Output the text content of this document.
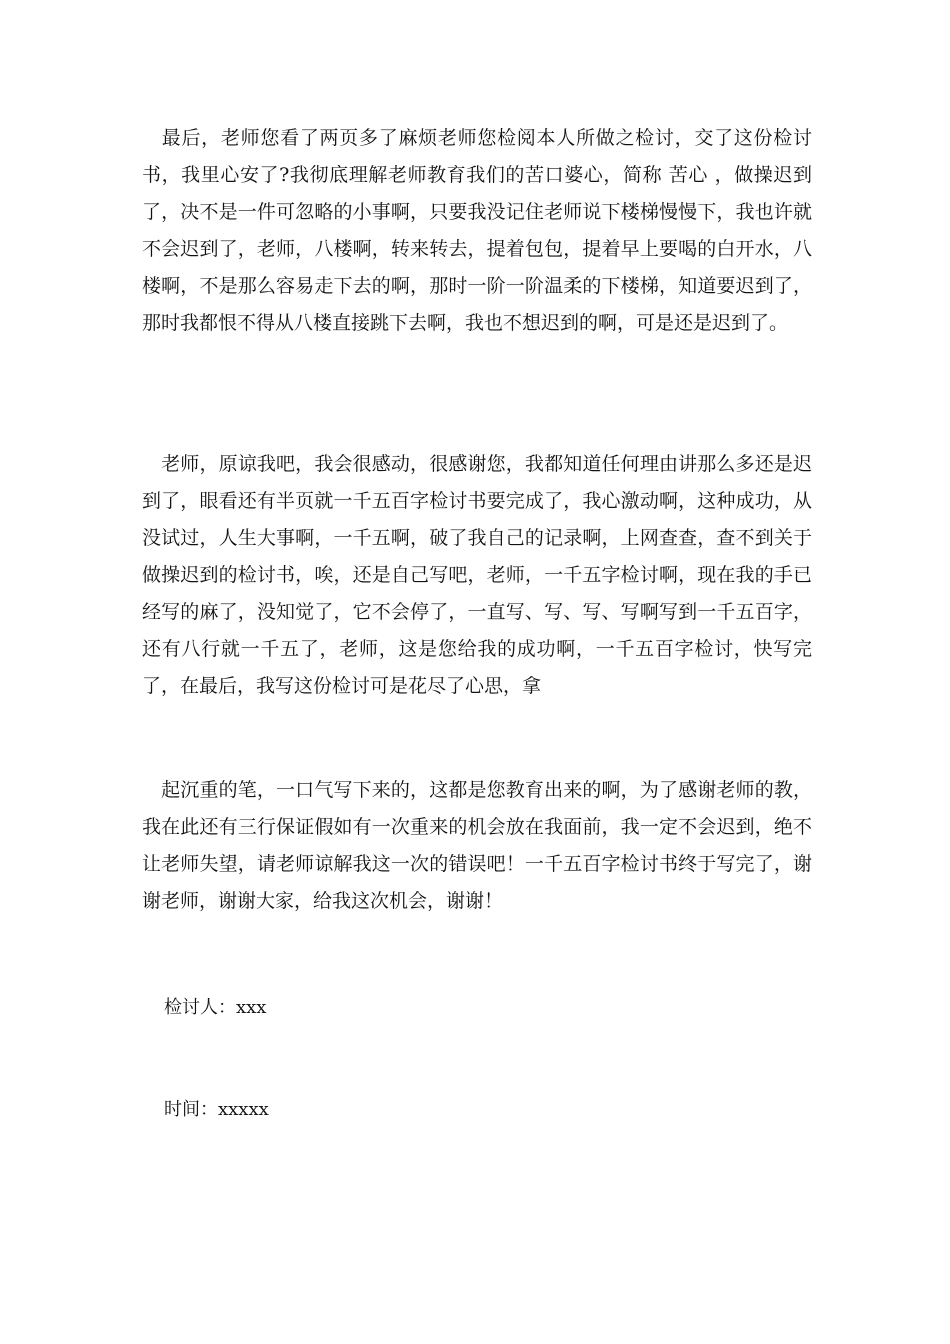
　最后，老师您看了两页多了麻烦老师您检阅本人所做之检讨，交了这份检讨书，我里心安了?我彻底理解老师教育我们的苦口婆心，简称 苦心 ，做操迟到了，决不是一件可忽略的小事啊，只要我没记住老师说下楼梯慢慢下，我也许就不会迟到了，老师，八楼啊，转来转去，提着包包，提着早上要喝的白开水，八楼啊，不是那么容易走下去的啊，那时一阶一阶温柔的下楼梯，知道要迟到了，那时我都恨不得从八楼直接跳下去啊，我也不想迟到的啊，可是还是迟到了。

　老师，原谅我吧，我会很感动，很感谢您，我都知道任何理由讲那么多还是迟到了，眼看还有半页就一千五百字检讨书要完成了，我心激动啊，这种成功，从没试过，人生大事啊，一千五啊，破了我自己的记录啊，上网查查，查不到关于做操迟到的检讨书，唉，还是自己写吧，老师，一千五字检讨啊，现在我的手已经写的麻了，没知觉了，它不会停了，一直写、写、写、写啊写到一千五百字，还有八行就一千五了，老师，这是您给我的成功啊，一千五百字检讨，快写完了，在最后，我写这份检讨可是花尽了心思，拿

　起沉重的笔，一口气写下来的，这都是您教育出来的啊，为了感谢老师的教，我在此还有三行保证假如有一次重来的机会放在我面前，我一定不会迟到，绝不让老师失望，请老师谅解我这一次的错误吧！一千五百字检讨书终于写完了，谢谢老师，谢谢大家，给我这次机会，谢谢！

检讨人：xxx

时间：xxxxx
